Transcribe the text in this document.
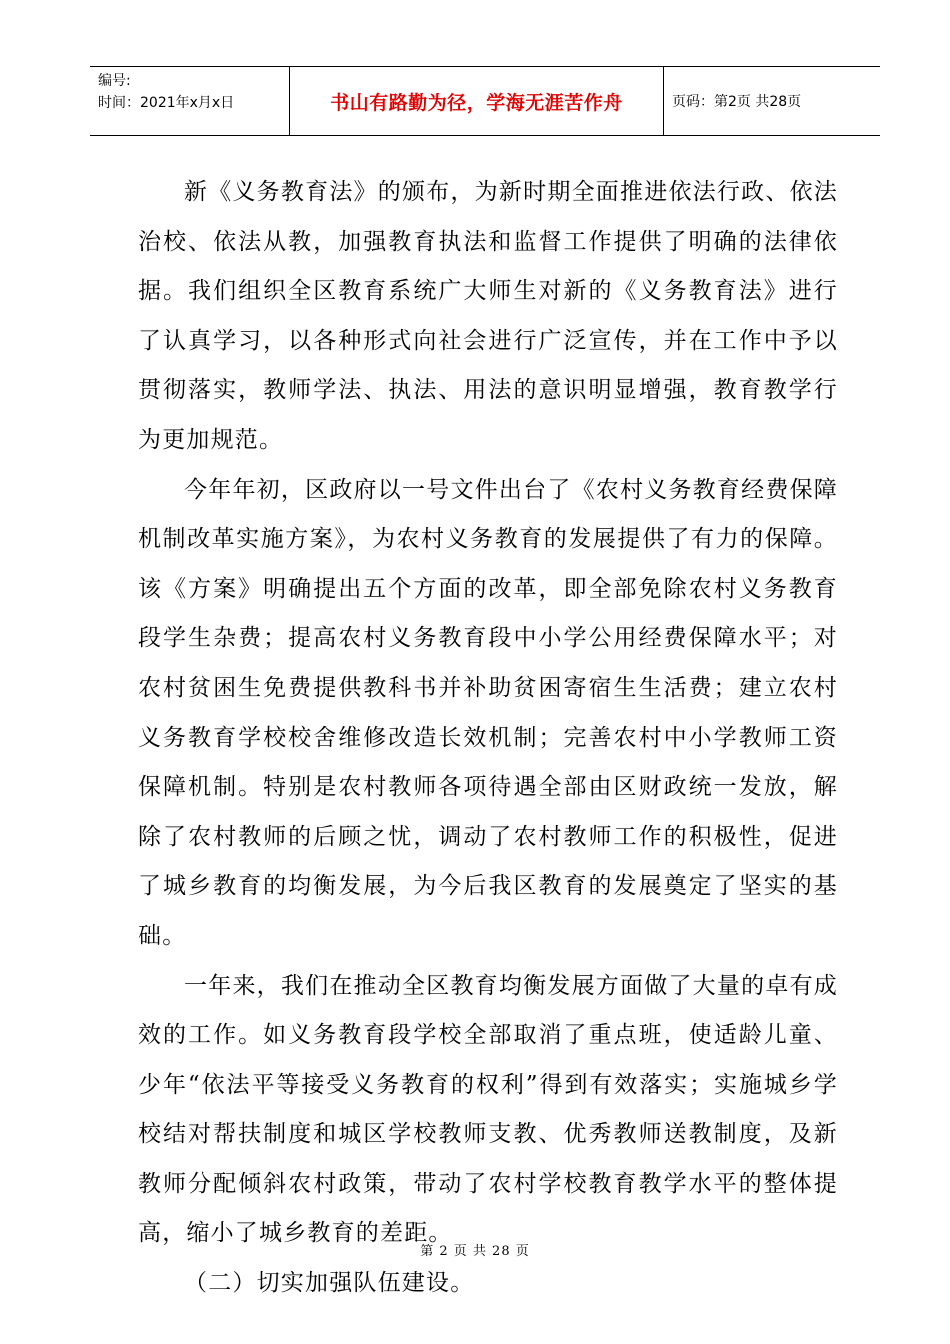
编号:
时间：2021年x月x日	书山有路勤为径，学海无涯苦作舟	页码：第2页 共28页

新《义务教育法》的颁布，为新时期全面推进依法行政、依法治校、依法从教，加强教育执法和监督工作提供了明确的法律依据。我们组织全区教育系统广大师生对新的《义务教育法》进行了认真学习，以各种形式向社会进行广泛宣传，并在工作中予以贯彻落实，教师学法、执法、用法的意识明显增强，教育教学行为更加规范。

今年年初，区政府以一号文件出台了《农村义务教育经费保障机制改革实施方案》，为农村义务教育的发展提供了有力的保障。该《方案》明确提出五个方面的改革，即全部免除农村义务教育段学生杂费；提高农村义务教育段中小学公用经费保障水平；对农村贫困生免费提供教科书并补助贫困寄宿生生活费；建立农村义务教育学校校舍维修改造长效机制；完善农村中小学教师工资保障机制。特别是农村教师各项待遇全部由区财政统一发放，解除了农村教师的后顾之忧，调动了农村教师工作的积极性，促进了城乡教育的均衡发展，为今后我区教育的发展奠定了坚实的基础。

一年来，我们在推动全区教育均衡发展方面做了大量的卓有成效的工作。如义务教育段学校全部取消了重点班，使适龄儿童、少年“依法平等接受义务教育的权利”得到有效落实；实施城乡学校结对帮扶制度和城区学校教师支教、优秀教师送教制度，及新教师分配倾斜农村政策，带动了农村学校教育教学水平的整体提高，缩小了城乡教育的差距。

（二）切实加强队伍建设。

第 2 页 共 28 页
